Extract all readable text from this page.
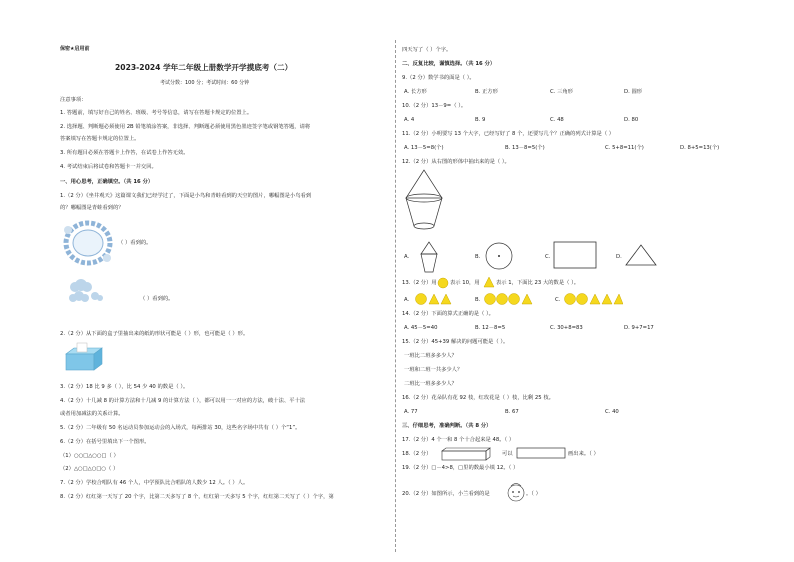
保密★启用前
2023-2024 学年二年级上册数学开学摸底考（二）
考试分数：100 分；考试时间：60 分钟
注意事项：
1. 答题前，填写好自己的姓名、班级、考号等信息，请写在答题卡规定的位置上。
2. 选择题、判断题必须使用 2B 铅笔填涂答案，非选择、判断题必须使用黑色墨迹签字笔或钢笔答题，请将
答案填写在答题卡规定的位置上。
3. 所有题目必须在答题卡上作答，在试卷上作答无效。
4. 考试结束后将试卷和答题卡一并交回。
一、用心思考，正确填空。（共 16 分）
1.（2 分）《坐井观天》这篇课文我们已经学过了，下面是小鸟和青蛙看到的天空的图片，哪幅图是小鸟看到
的？哪幅图是青蛙看到的？
（ ）看到的。
（ ）看到的。
2.（2 分）从下面的盒子里抽出来的纸的形状可能是（ ）形，也可能是（ ）形。
3.（2 分）18 比 9 多（ ），比 54 少 40 的数是（ ）。
4.（2 分）十几减 8 的计算方法和十几减 9 的计算方法（ ），都可以用一一对应的方法，破十法、平十法
或者用加减法的关系计算。
5.（2 分）二年级有 50 名运动员参加运动会的入场式，每两排站 30，这些名字场中共有（ ）个“1”。
6.（2 分）在括号里填出下一个图形。
（1）○○□△○○□（ ）
（2）△○□△○□○（ ）
7.（2 分）学校合唱队有 46 个人，中学预队比合唱队的人数少 12 人。（ ）人。
8.（2 分）红红第一天写了 20 个字，比第二天多写了 8 个，红红第一天多写 5 个字，红红第二天写了（ ）个字，第
四天写了（ ）个字。
二、反复比较，谨慎选择。（共 16 分）
9.（2 分）数学书的面是（ ）。
A. 长方形	B. 正方形	C. 三角形	D. 圆形
10.（2 分）13－9=（ ）。
A. 4	B. 9	C. 48	D. 80
11.（2 分）小明要写 13 个大字，已经写好了 8 个，还要写几个？正确的列式计算是（ ）
A. 13－5=8(个)	B. 13－8=5(个)	C. 5+8=11(个)	D. 8+5=13(个)
12.（2 分）从右图的形体中抽出来的是（ ）。
A.	B.	C.	D.
13.（2 分）用	表示 10，用	表示 1，下面比 23 大的数是（ ）。
A.	B.	C.
14.（2 分）下面的算式正确的是（ ）。
A. 45－5=40	B. 12－8=5	C. 30+8=83	D. 9+7=17
15.（2 分）45+39 解决的问题可能是（ ）。
一班比二班多多少人？
一班和二班一共多少人？
二班比一班多多少人？
16.（2 分）花朵队有花 92 枝，红玫花是（ ）枝，比剩 25 枝。
A. 77	B. 67	C. 40
三、仔细思考，准确判断。（共 8 分）
17.（2 分）4 个一和 8 个十合起来是 48。（ ）
18.（2 分）	可以	画出来。（ ）
19.（2 分）□－4>8，□里的数最小填 12。（ ）
20.（2 分）如图所示，小兰看到的是	。（ ）
